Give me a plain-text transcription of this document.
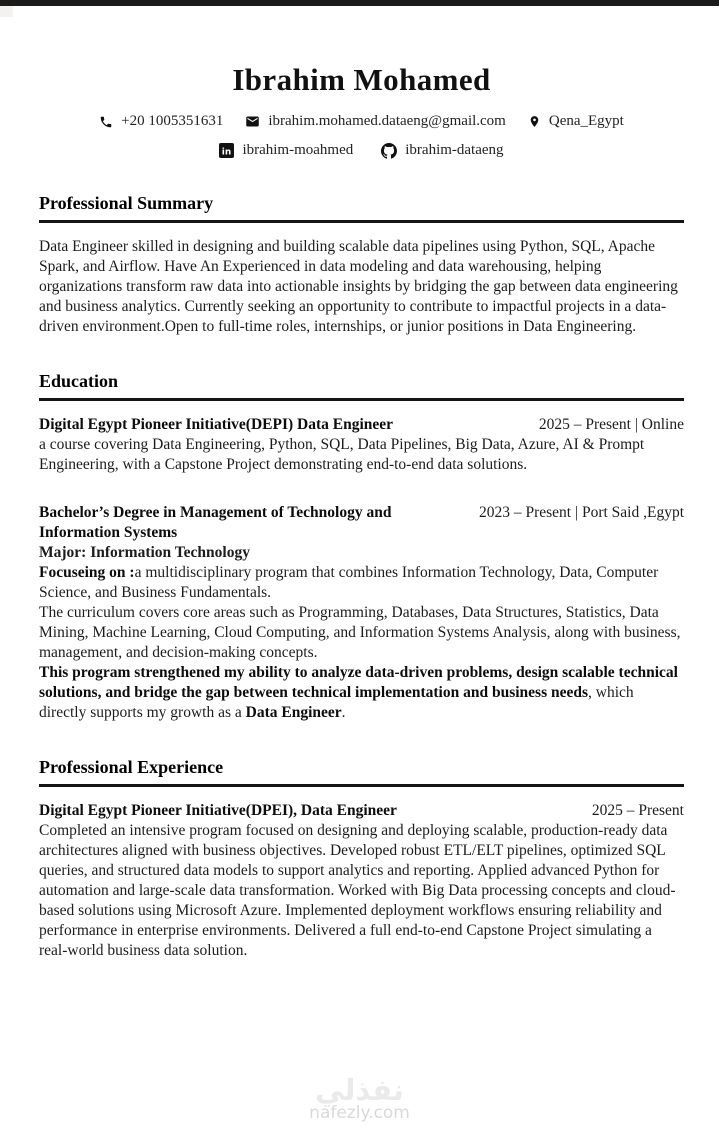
Ibrahim Mohamed
+20 1005351631	ibrahim.mohamed.dataeng@gmail.com	Qena_Egypt
in ibrahim-moahmed	ibrahim-dataeng
Professional Summary

Data Engineer skilled in designing and building scalable data pipelines using Python, SQL, Apache Spark, and Airflow. Have An Experienced in data modeling and data warehousing, helping organizations transform raw data into actionable insights by bridging the gap between data engineering and business analytics. Currently seeking an opportunity to contribute to impactful projects in a data-driven environment.Open to full-time roles, internships, or junior positions in Data Engineering.

Education
Digital Egypt Pioneer Initiative(DEPI) Data Engineer	2025 – Present | Online

a course covering Data Engineering, Python, SQL, Data Pipelines, Big Data, Azure, AI & Prompt Engineering, with a Capstone Project demonstrating end-to-end data solutions.

Bachelor’s Degree in Management of Technology and Information Systems
2023 – Present | Port Said ,Egypt

Major: Information Technology

Focuseing on :a multidisciplinary program that combines Information Technology, Data, Computer Science, and Business Fundamentals.

The curriculum covers core areas such as Programming, Databases, Data Structures, Statistics, Data Mining, Machine Learning, Cloud Computing, and Information Systems Analysis, along with business, management, and decision-making concepts.

This program strengthened my ability to analyze data-driven problems, design scalable technical solutions, and bridge the gap between technical implementation and business needs, which directly supports my growth as a Data Engineer.

Professional Experience
Digital Egypt Pioneer Initiative(DPEI), Data Engineer	2025 – Present

Completed an intensive program focused on designing and deploying scalable, production-ready data architectures aligned with business objectives. Developed robust ETL/ELT pipelines, optimized SQL queries, and structured data models to support analytics and reporting. Applied advanced Python for automation and large-scale data transformation. Worked with Big Data processing concepts and cloud-based solutions using Microsoft Azure. Implemented deployment workflows ensuring reliability and performance in enterprise environments. Delivered a full end-to-end Capstone Project simulating a real-world business data solution.

نفذلي
nafezly.com
